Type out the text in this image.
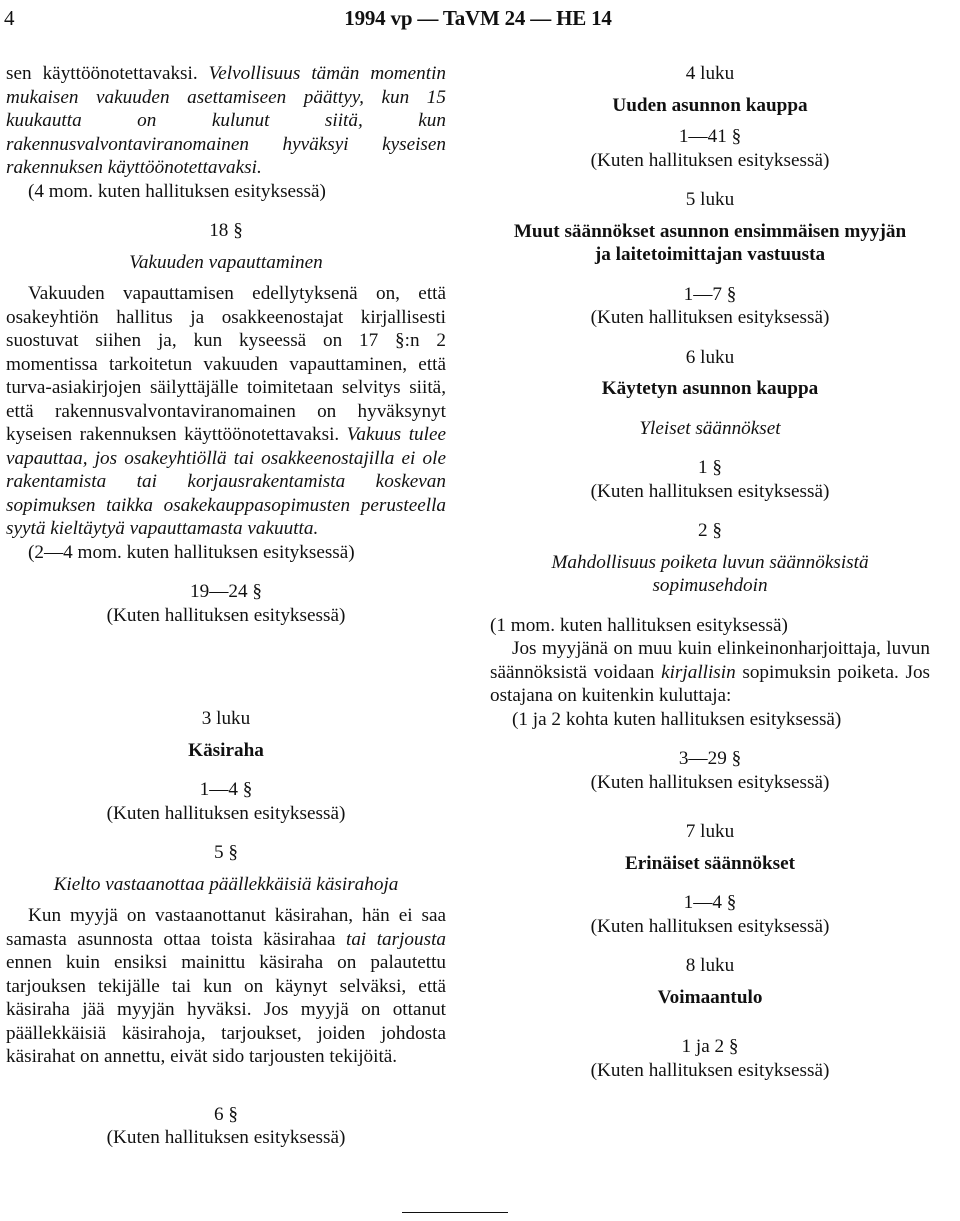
4	1994 vp — TaVM 24 — HE 14

sen käyttöönotettavaksi. Velvollisuus tämän momentin mukaisen vakuuden asettamiseen päättyy, kun 15 kuukautta on kulunut siitä, kun rakennusvalvontaviranomainen hyväksyi kyseisen rakennuksen käyttöönotettavaksi.

(4 mom. kuten hallituksen esityksessä)

18 §
Vakuuden vapauttaminen

Vakuuden vapauttamisen edellytyksenä on, että osakeyhtiön hallitus ja osakkeenostajat kirjallisesti suostuvat siihen ja, kun kyseessä on 17 §:n 2 momentissa tarkoitetun vakuuden vapauttaminen, että turva-asiakirjojen säilyttäjälle toimitetaan selvitys siitä, että rakennusvalvontaviranomainen on hyväksynyt kyseisen rakennuksen käyttöönotettavaksi. Vakuus tulee vapauttaa, jos osakeyhtiöllä tai osakkeenostajilla ei ole rakentamista tai korjausrakentamista koskevan sopimuksen taikka osakekauppasopimusten perusteella syytä kieltäytyä vapauttamasta vakuutta.

(2—4 mom. kuten hallituksen esityksessä)

19—24 §
(Kuten hallituksen esityksessä)
3 luku
Käsiraha
1—4 §
(Kuten hallituksen esityksessä)
5 §
Kielto vastaanottaa päällekkäisiä käsirahoja

Kun myyjä on vastaanottanut käsirahan, hän ei saa samasta asunnosta ottaa toista käsirahaa tai tarjousta ennen kuin ensiksi mainittu käsiraha on palautettu tarjouksen tekijälle tai kun on käynyt selväksi, että käsiraha jää myyjän hyväksi. Jos myyjä on ottanut päällekkäisiä käsirahoja, tarjoukset, joiden johdosta käsirahat on annettu, eivät sido tarjousten tekijöitä.

6 §
(Kuten hallituksen esityksessä)
4 luku
Uuden asunnon kauppa
1—41 §
(Kuten hallituksen esityksessä)
5 luku
Muut säännökset asunnon ensimmäisen myyjän
ja laitetoimittajan vastuusta
1—7 §
(Kuten hallituksen esityksessä)
6 luku
Käytetyn asunnon kauppa
Yleiset säännökset
1 §
(Kuten hallituksen esityksessä)
2 §
Mahdollisuus poiketa luvun säännöksistä
sopimusehdoin

(1 mom. kuten hallituksen esityksessä)

Jos myyjänä on muu kuin elinkeinonharjoittaja, luvun säännöksistä voidaan kirjallisin sopimuksin poiketa. Jos ostajana on kuitenkin kuluttaja:

(1 ja 2 kohta kuten hallituksen esityksessä)

3—29 §
(Kuten hallituksen esityksessä)
7 luku
Erinäiset säännökset
1—4 §
(Kuten hallituksen esityksessä)
8 luku
Voimaantulo
1 ja 2 §
(Kuten hallituksen esityksessä)
